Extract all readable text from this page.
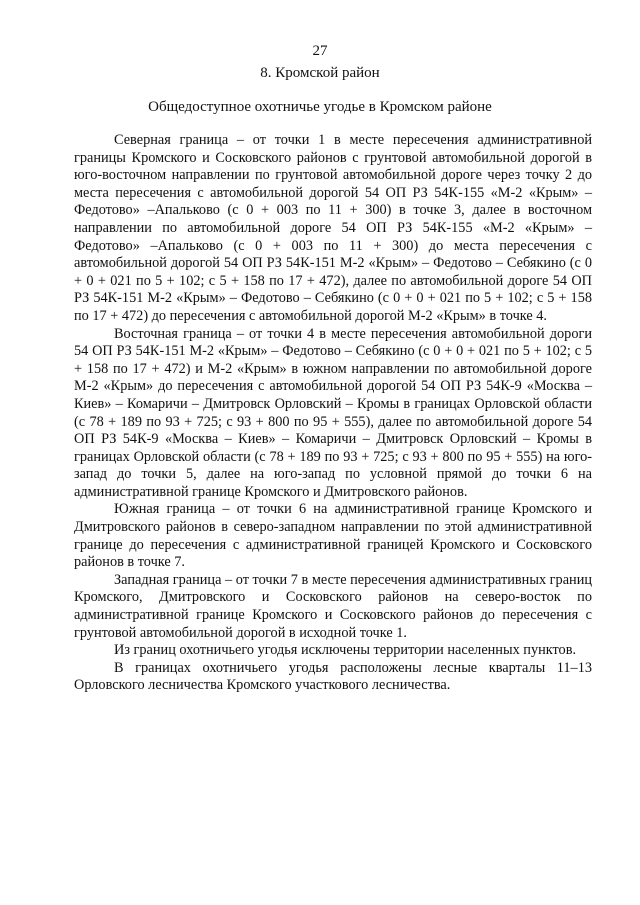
27
8. Кромской район
Общедоступное охотничье угодье в Кромском районе

Северная граница – от точки 1 в месте пересечения административной границы Кромского и Сосковского районов с грунтовой автомобильной дорогой в юго-восточном направлении по грунтовой автомобильной дороге через точку 2 до места пересечения с автомобильной дорогой 54 ОП РЗ 54К-155 «М-2 «Крым» – Федотово» –Апальково (с 0 + 003 по 11 + 300) в точке 3, далее в восточном направлении по автомобильной дороге 54 ОП РЗ 54К-155 «М-2 «Крым» – Федотово» –Апальково (с 0 + 003 по 11 + 300) до места пересечения с автомобильной дорогой 54 ОП РЗ 54К-151 М-2 «Крым» – Федотово – Себякино (с 0 + 0 + 021 по 5 + 102; с 5 + 158 по 17 + 472), далее по автомобильной дороге 54 ОП РЗ 54К-151 М-2 «Крым» – Федотово – Себякино (с 0 + 0 + 021 по 5 + 102; с 5 + 158 по 17 + 472) до пересечения с автомобильной дорогой М-2 «Крым» в точке 4.

Восточная граница – от точки 4 в месте пересечения автомобильной дороги 54 ОП РЗ 54К-151 М-2 «Крым» – Федотово – Себякино (с 0 + 0 + 021 по 5 + 102; с 5 + 158 по 17 + 472) и М-2 «Крым» в южном направлении по автомобильной дороге М-2 «Крым» до пересечения с автомобильной дорогой 54 ОП РЗ 54К-9 «Москва – Киев» – Комаричи – Дмитровск Орловский – Кромы в границах Орловской области (с 78 + 189 по 93 + 725; с 93 + 800 по 95 + 555), далее по автомобильной дороге 54 ОП РЗ 54К-9 «Москва – Киев» – Комаричи – Дмитровск Орловский – Кромы в границах Орловской области (с 78 + 189 по 93 + 725; с 93 + 800 по 95 + 555) на юго-запад до точки 5, далее на юго-запад по условной прямой до точки 6 на административной границе Кромского и Дмитровского районов.

Южная граница – от точки 6 на административной границе Кромского и Дмитровского районов в северо-западном направлении по этой административной границе до пересечения с административной границей Кромского и Сосковского районов в точке 7.

Западная граница – от точки 7 в месте пересечения административных границ Кромского, Дмитровского и Сосковского районов на северо-восток по административной границе Кромского и Сосковского районов до пересечения с грунтовой автомобильной дорогой в исходной точке 1.

Из границ охотничьего угодья исключены территории населенных пунктов.

В границах охотничьего угодья расположены лесные кварталы 11–13 Орловского лесничества Кромского участкового лесничества.
